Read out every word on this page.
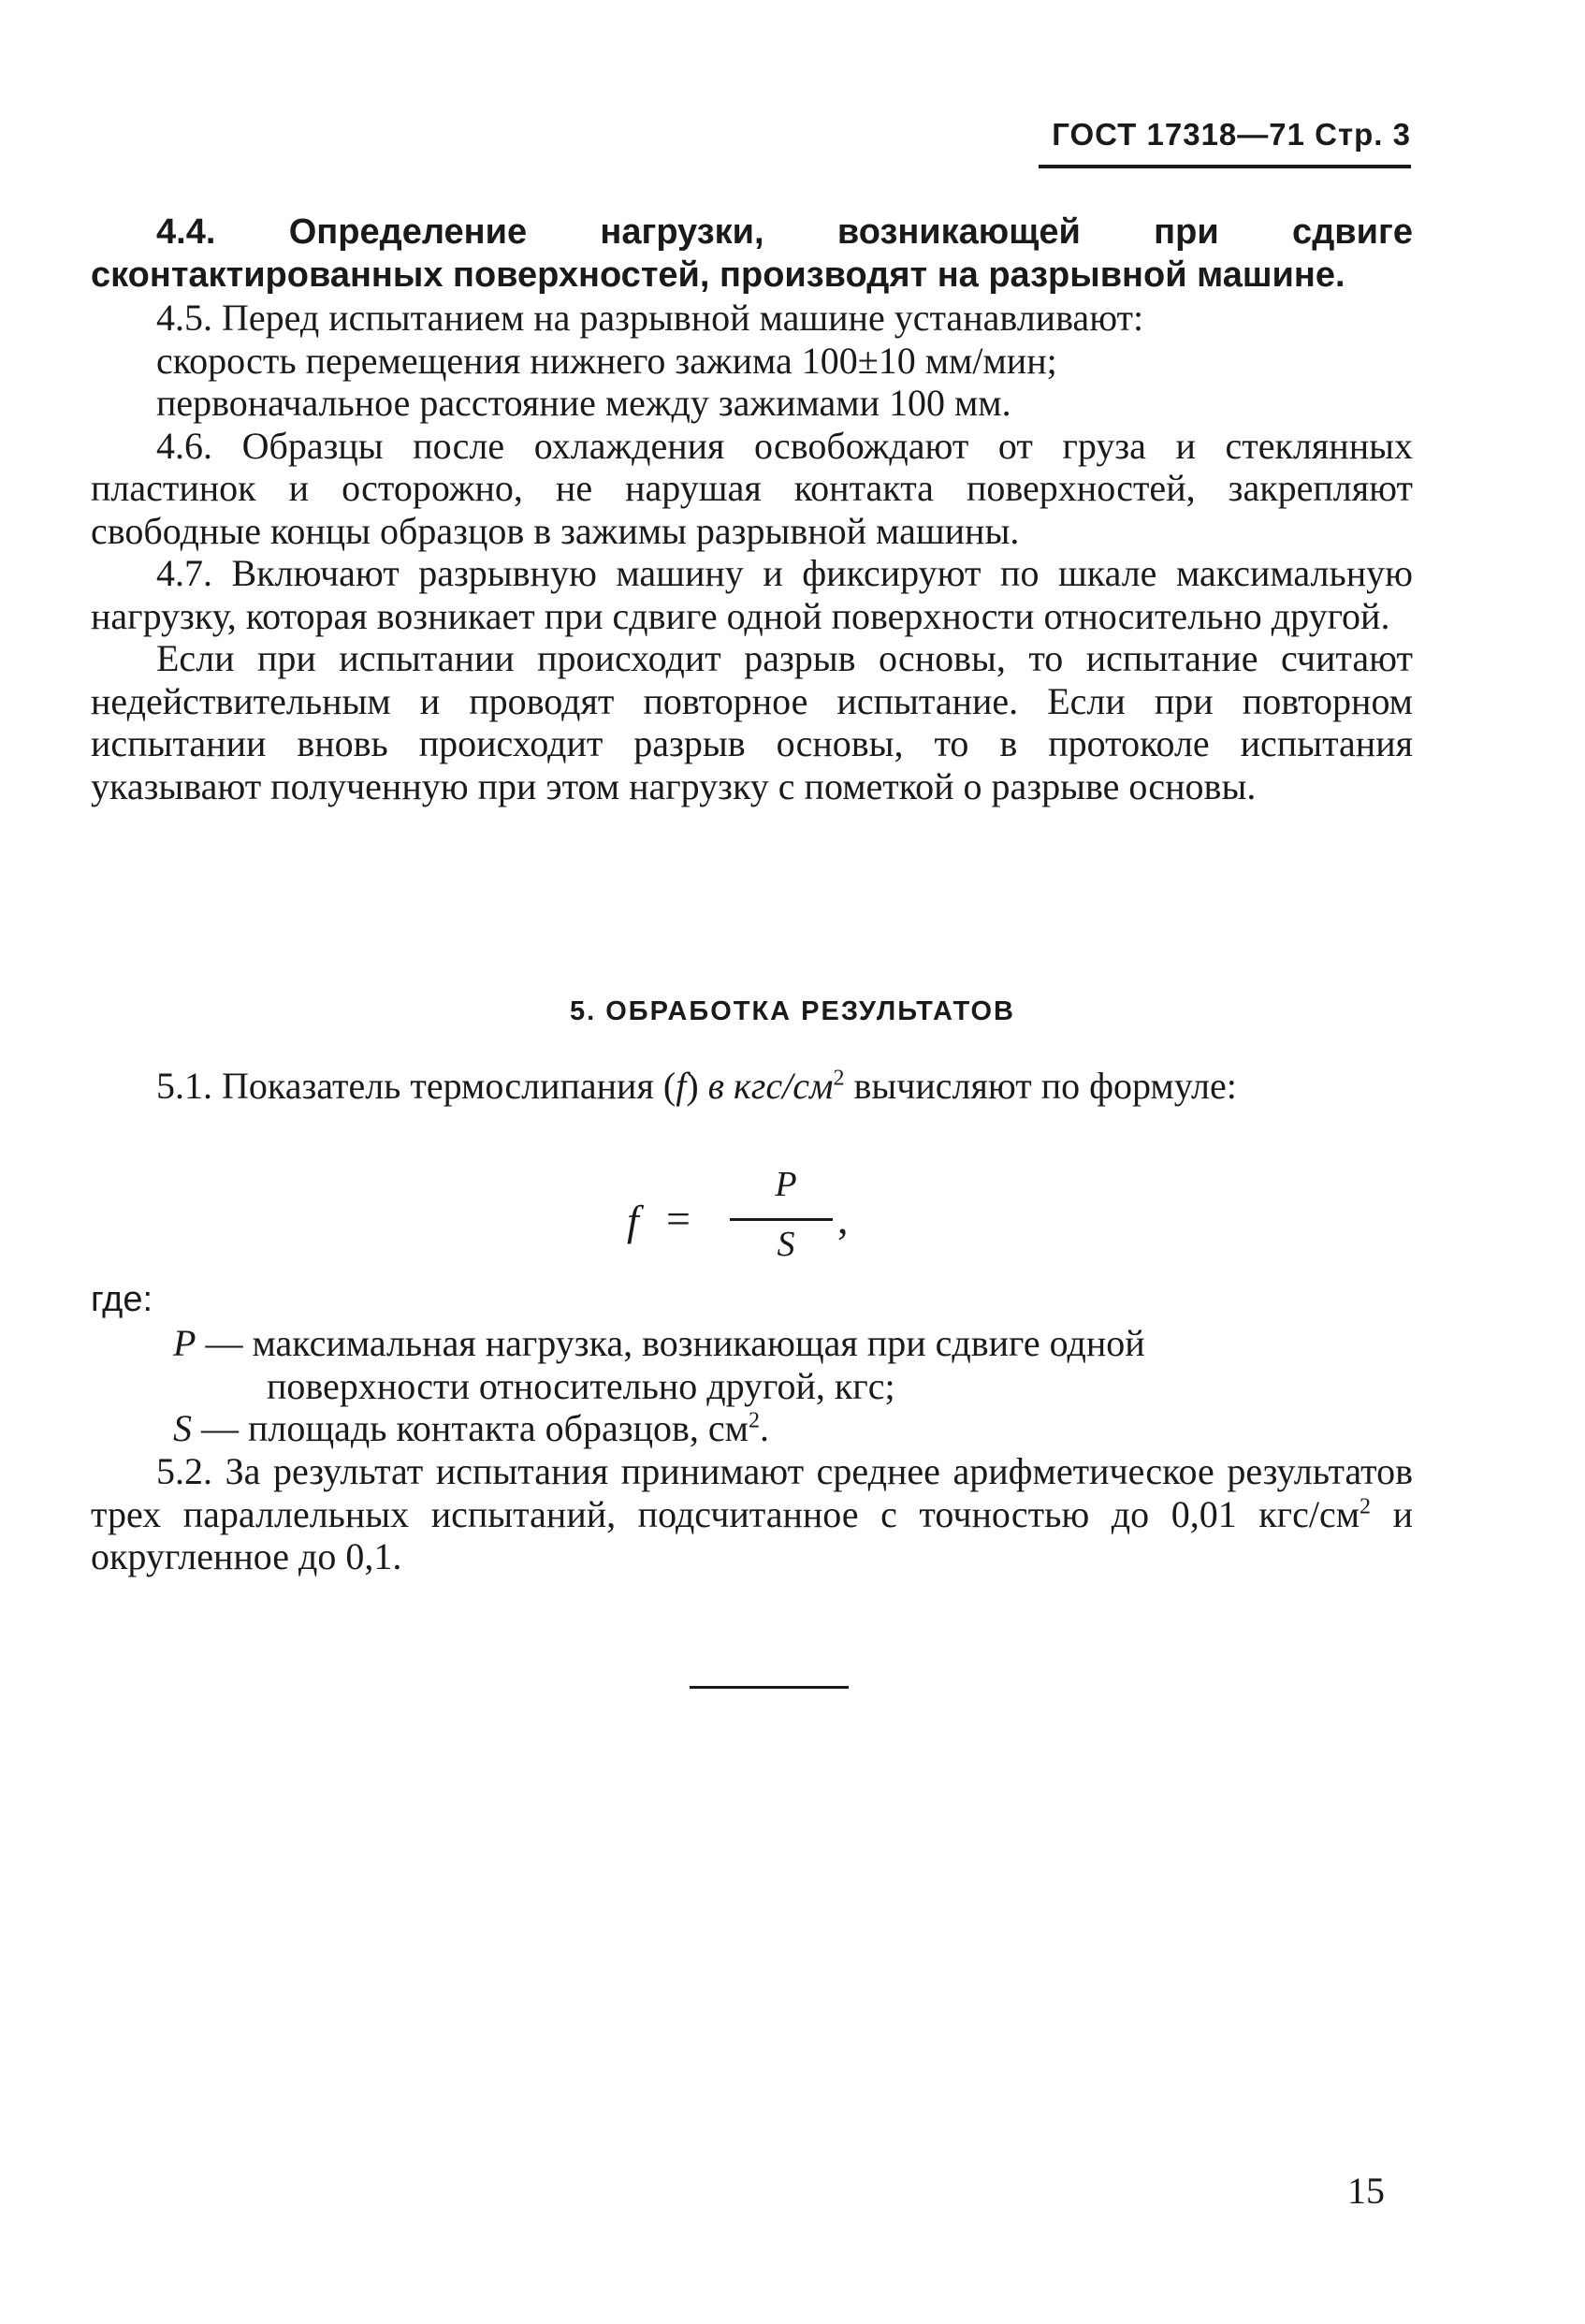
ГОСТ 17318—71 Стр. 3

4.4. Определение нагрузки, возникающей при сдвиге сконтактированных поверхностей, производят на разрывной машине.

4.5. Перед испытанием на разрывной машине устанавливают:

скорость перемещения нижнего зажима 100±10 мм/мин;

первоначальное расстояние между зажимами 100 мм.

4.6. Образцы после охлаждения освобождают от груза и стеклянных пластинок и осторожно, не нарушая контакта поверхностей, закрепляют свободные концы образцов в зажимы разрывной машины.

4.7. Включают разрывную машину и фиксируют по шкале максимальную нагрузку, которая возникает при сдвиге одной поверхности относительно другой.

Если при испытании происходит разрыв основы, то испытание считают недействительным и проводят повторное испытание. Если при повторном испытании вновь происходит разрыв основы, то в протоколе испытания указывают полученную при этом нагрузку с пометкой о разрыве основы.

5. ОБРАБОТКА РЕЗУЛЬТАТОВ

5.1. Показатель термослипания (f) в кгс/$см^2$ вычисляют по формуле:

f =
P
S
,
где:
P — максимальная нагрузка, возникающая при сдвиге одной
поверхности относительно другой, кгс;
S — площадь контакта образцов, $см^2$.

5.2. За результат испытания принимают среднее арифметическое результатов трех параллельных испытаний, подсчитанное с точностью до 0,01 кгс/$см^2$ и округленное до 0,1.

15
